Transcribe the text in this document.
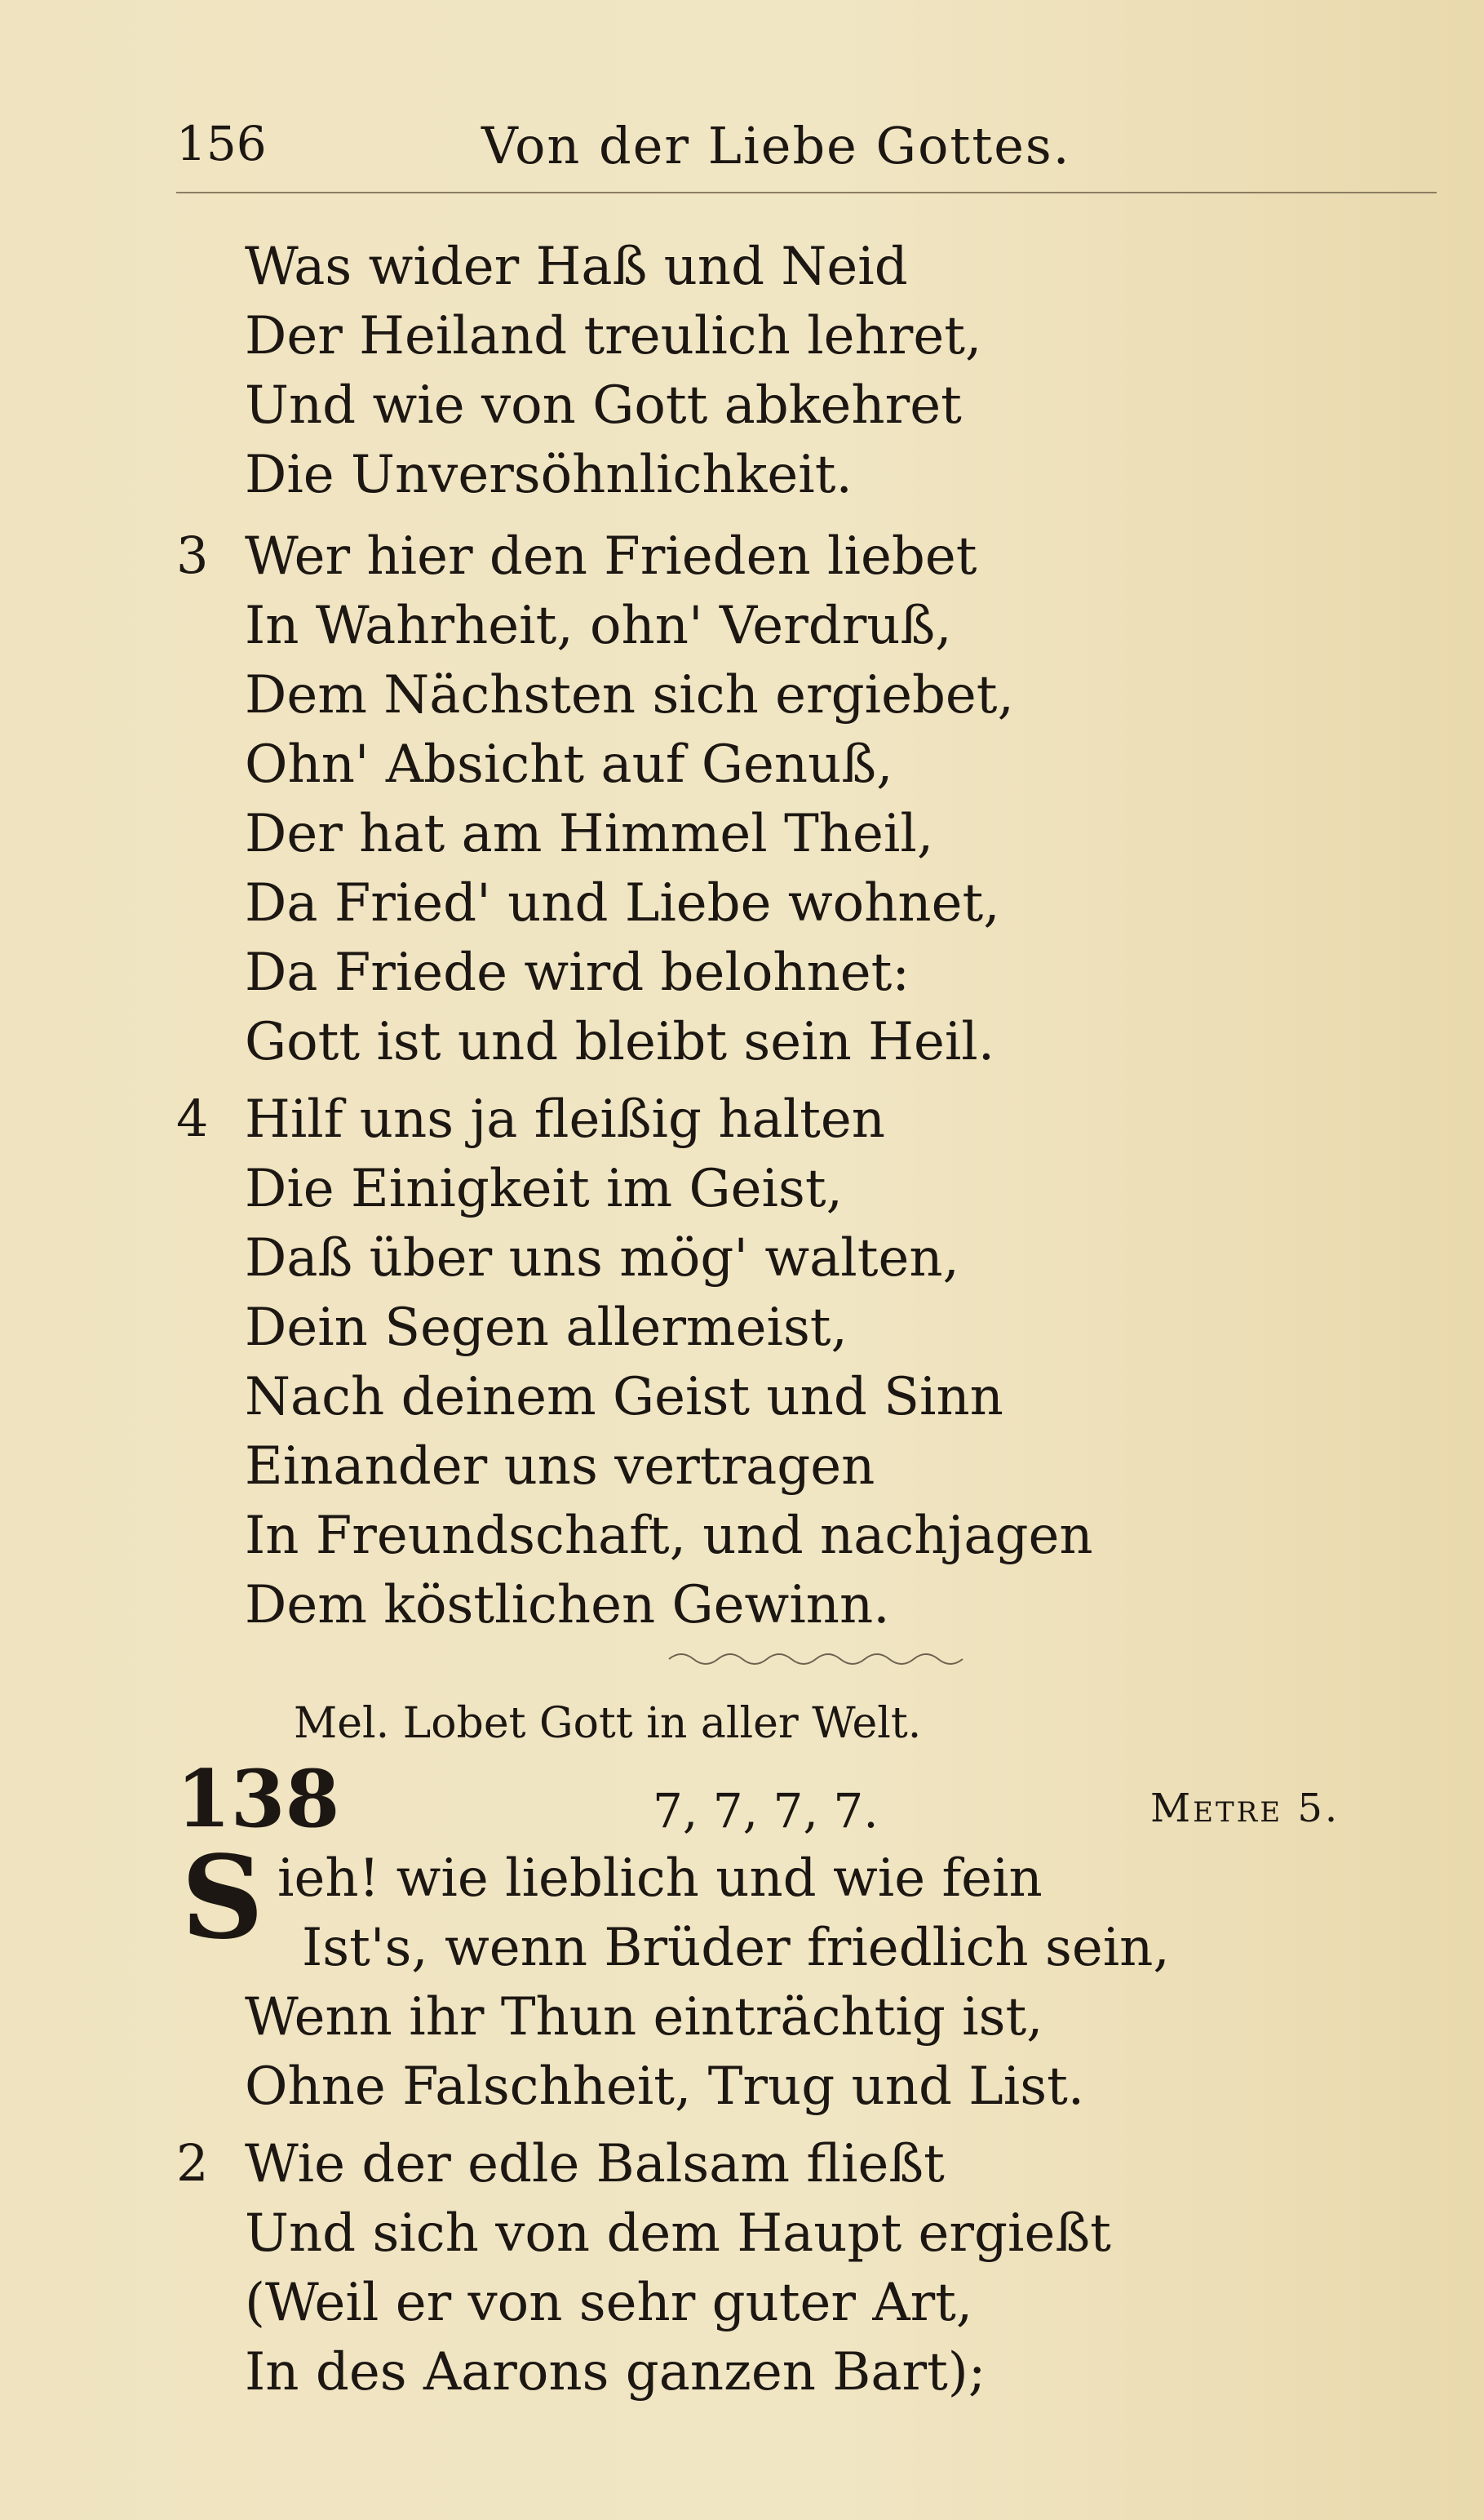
156	Von der Liebe Gottes.
Was wider Haß und Neid
Der Heiland treulich lehret,
Und wie von Gott abkehret
Die Unversöhnlichkeit.
3 Wer hier den Frieden liebet
In Wahrheit, ohn' Verdruß,
Dem Nächsten sich ergiebet,
Ohn' Absicht auf Genuß,
Der hat am Himmel Theil,
Da Fried' und Liebe wohnet,
Da Friede wird belohnet:
Gott ist und bleibt sein Heil.
4 Hilf uns ja fleißig halten
Die Einigkeit im Geist,
Daß über uns mög' walten,
Dein Segen allermeist,
Nach deinem Geist und Sinn
Einander uns vertragen
In Freundschaft, und nachjagen
Dem köstlichen Gewinn.
Mel. Lobet Gott in aller Welt.
138	7, 7, 7, 7.	Metre 5.
S ieh! wie lieblich und wie fein
Ist's, wenn Brüder friedlich sein,
Wenn ihr Thun einträchtig ist,
Ohne Falschheit, Trug und List.
2 Wie der edle Balsam fließt
Und sich von dem Haupt ergießt
(Weil er von sehr guter Art,
In des Aarons ganzen Bart);
